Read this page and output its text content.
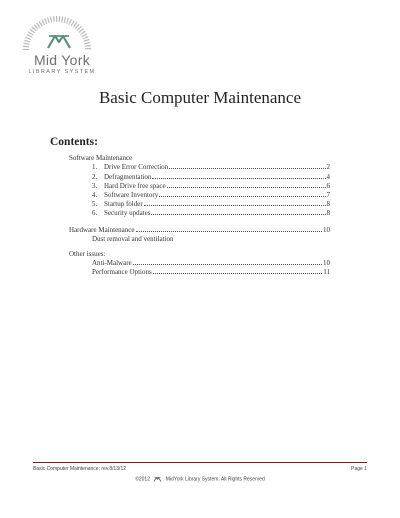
Mid York
LIBRARY SYSTEM
Basic Computer Maintenance
Contents:
Software Maintenance
1. Drive Error Correction	2
2. Defragmentation	4
3. Hard Drive free space	6
4. Software Inventory	7
5. Startup folder	8
6. Security updates	8
Hardware Maintenance	10
Dust removal and ventilation
Other issues:
Anti-Malware	10
Performance Options	11
Basic Computer Maintenance; rev.8/13/12	Page 1
©2012	MidYork Library System. All Rights Reserved
